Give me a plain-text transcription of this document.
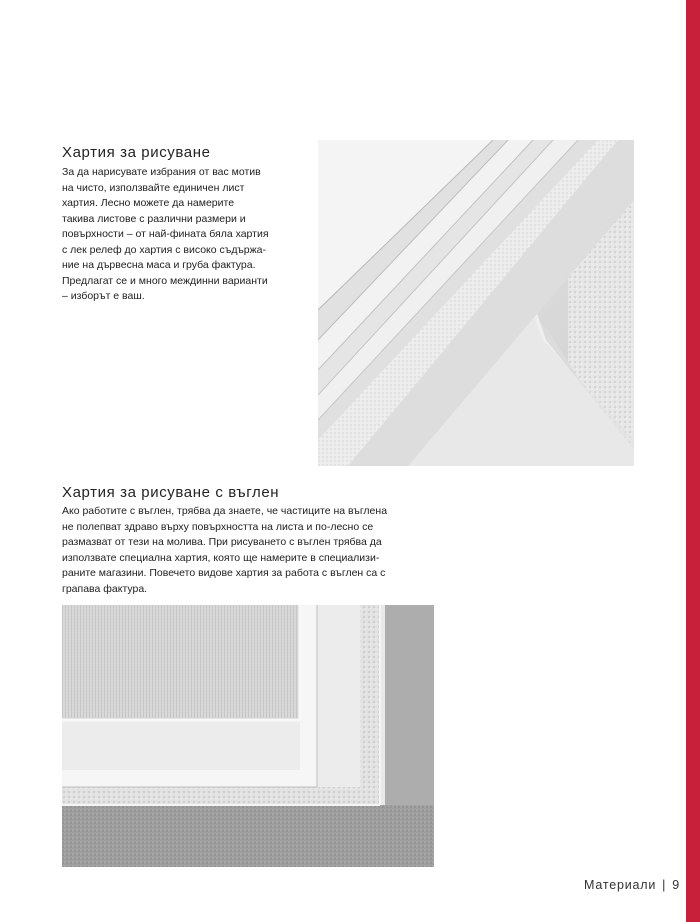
Хартия за рисуване
За да нарисувате избрания от вас мотив
на чисто, използвайте единичен лист
хартия. Лесно можете да намерите
такива листове с различни размери и
повърхности – от най-фината бяла хартия
с лек релеф до хартия с високо съдържа-
ние на дървесна маса и груба фактура.
Предлагат се и много междинни варианти
– изборът е ваш.
Хартия за рисуване с въглен
Ако работите с въглен, трябва да знаете, че частиците на въглена
не полепват здраво върху повърхността на листа и по-лесно се
размазват от тези на молива. При рисуването с въглен трябва да
използвате специална хартия, която ще намерите в специализи-
раните магазини. Повечето видове хартия за работа с въглен са с
грапава фактура.
Материали | 9
